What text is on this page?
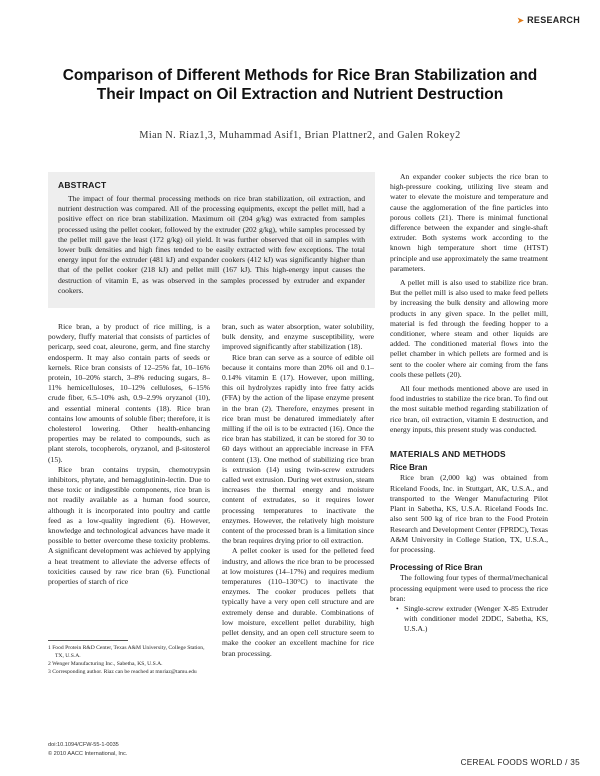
➤ RESEARCH
Comparison of Different Methods for Rice Bran Stabilization and Their Impact on Oil Extraction and Nutrient Destruction
Mian N. Riaz1,3, Muhammad Asif1, Brian Plattner2, and Galen Rokey2
ABSTRACT

The impact of four thermal processing methods on rice bran stabilization, oil extraction, and nutrient destruction was compared. All of the processing equipments, except the pellet mill, had a positive effect on rice bran stabilization. Maximum oil (204 g/kg) was extracted from samples processed using the pellet cooker, followed by the extruder (202 g/kg), while samples processed by the pellet mill gave the least (172 g/kg) oil yield. It was further observed that oil in samples with lower bulk densities and high fines tended to be easily extracted with few exceptions. The total energy input for the extruder (481 kJ) and expander cookers (412 kJ) was significantly higher than that of the pellet cooker (218 kJ) and pellet mill (167 kJ). This high-energy input causes the destruction of vitamin E, as was observed in the samples processed by extruder and expander cookers.

Rice bran, a by product of rice milling, is a powdery, fluffy material that consists of particles of pericarp, seed coat, aleurone, germ, and fine starchy endosperm. It may also contain parts of seeds or kernels. Rice bran consists of 12–25% fat, 10–16% protein, 10–20% starch, 3–8% reducing sugars, 8–11% hemicelluloses, 10–12% celluloses, 6–15% crude fiber, 6.5–10% ash, 0.9–2.9% oryzanol (10), and essential mineral contents (18). Rice bran contains low amounts of soluble fiber; therefore, it is cholesterol lowering. Other health-enhancing properties may be related to compounds, such as plant sterols, tocopherols, oryzanol, and β-sitosterol (15).

Rice bran contains trypsin, chemotrypsin inhibitors, phytate, and hemagglutinin-lectin. Due to these toxic or indigestible components, rice bran is not readily available as a human food source, although it is incorporated into poultry and cattle feed as a low-quality ingredient (6). However, knowledge and technological advances have made it possible to better overcome these toxicity problems. A significant development was achieved by applying a heat treatment to alleviate the adverse effects of toxicities caused by raw rice bran (6). Functional properties of starch of rice

bran, such as water absorption, water solubility, bulk density, and enzyme susceptibility, were improved significantly after stabilization (18).

Rice bran can serve as a source of edible oil because it contains more than 20% oil and 0.1–0.14% vitamin E (17). However, upon milling, this oil hydrolyzes rapidly into free fatty acids (FFA) by the action of the lipase enzyme present in the bran (2). Therefore, enzymes present in rice bran must be denatured immediately after milling if the oil is to be extracted (16). Once the rice bran has stabilized, it can be stored for 30 to 60 days without an appreciable increase in FFA content (13). One method of stabilizing rice bran is extrusion (14) using twin-screw extruders called wet extrusion. During wet extrusion, steam increases the thermal energy and moisture content of extrudates, so it requires lower processing temperatures to inactivate the enzymes. However, the relatively high moisture content of the processed bran is a limitation since the bran requires drying prior to oil extraction.

A pellet cooker is used for the pelleted feed industry, and allows the rice bran to be processed at low moistures (14–17%) and requires medium temperatures (110–130°C) to inactivate the enzymes. The cooker produces pellets that typically have a very open cell structure and are extremely dense and durable. Combinations of low moisture, excellent pellet durability, high pellet density, and an open cell structure seem to make the cooker an excellent machine for rice bran processing.

An expander cooker subjects the rice bran to high-pressure cooking, utilizing live steam and water to elevate the moisture and temperature and cause the agglomeration of the fine particles into porous collets (21). There is minimal functional difference between the expander and single-shaft extruder. Both systems work according to the known high temperature short time (HTST) principle and use approximately the same treatment parameters.

A pellet mill is also used to stabilize rice bran. But the pellet mill is also used to make feed pellets by increasing the bulk density and allowing more products in any given space. In the pellet mill, material is fed through the feeding hopper to a conditioner, where steam and other liquids are added. The conditioned material flows into the pellet chamber in which pellets are formed and is sent to the cooler where air coming from the fans cools these pellets (20).

All four methods mentioned above are used in food industries to stabilize the rice bran. To find out the most suitable method regarding stabilization of rice bran, oil extraction, vitamin E destruction, and energy inputs, this present study was conducted.

MATERIALS AND METHODS
Rice Bran

Rice bran (2,000 kg) was obtained from Riceland Foods, Inc. in Stuttgart, AK, U.S.A., and transported to the Wenger Manufacturing Pilot Plant in Sabetha, KS, U.S.A. Riceland Foods Inc. also sent 500 kg of rice bran to the Food Protein Research and Development Center (FPRDC), Texas A&M University in College Station, TX, U.S.A., for processing.

Processing of Rice Bran

The following four types of thermal/mechanical processing equipment were used to process the rice bran:

• Single-screw extruder (Wenger X-85 Extruder with conditioner model 2DDC, Sabetha, KS, U.S.A.)
1 Food Protein R&D Center, Texas A&M University, College Station, TX, U.S.A.
2 Wenger Manufacturing Inc., Sabetha, KS, U.S.A.
3 Corresponding author. Riaz can be reached at mnriaz@tamu.edu
doi:10.1094/CFW-55-1-0035
© 2010 AACC International, Inc.
CEREAL FOODS WORLD / 35
